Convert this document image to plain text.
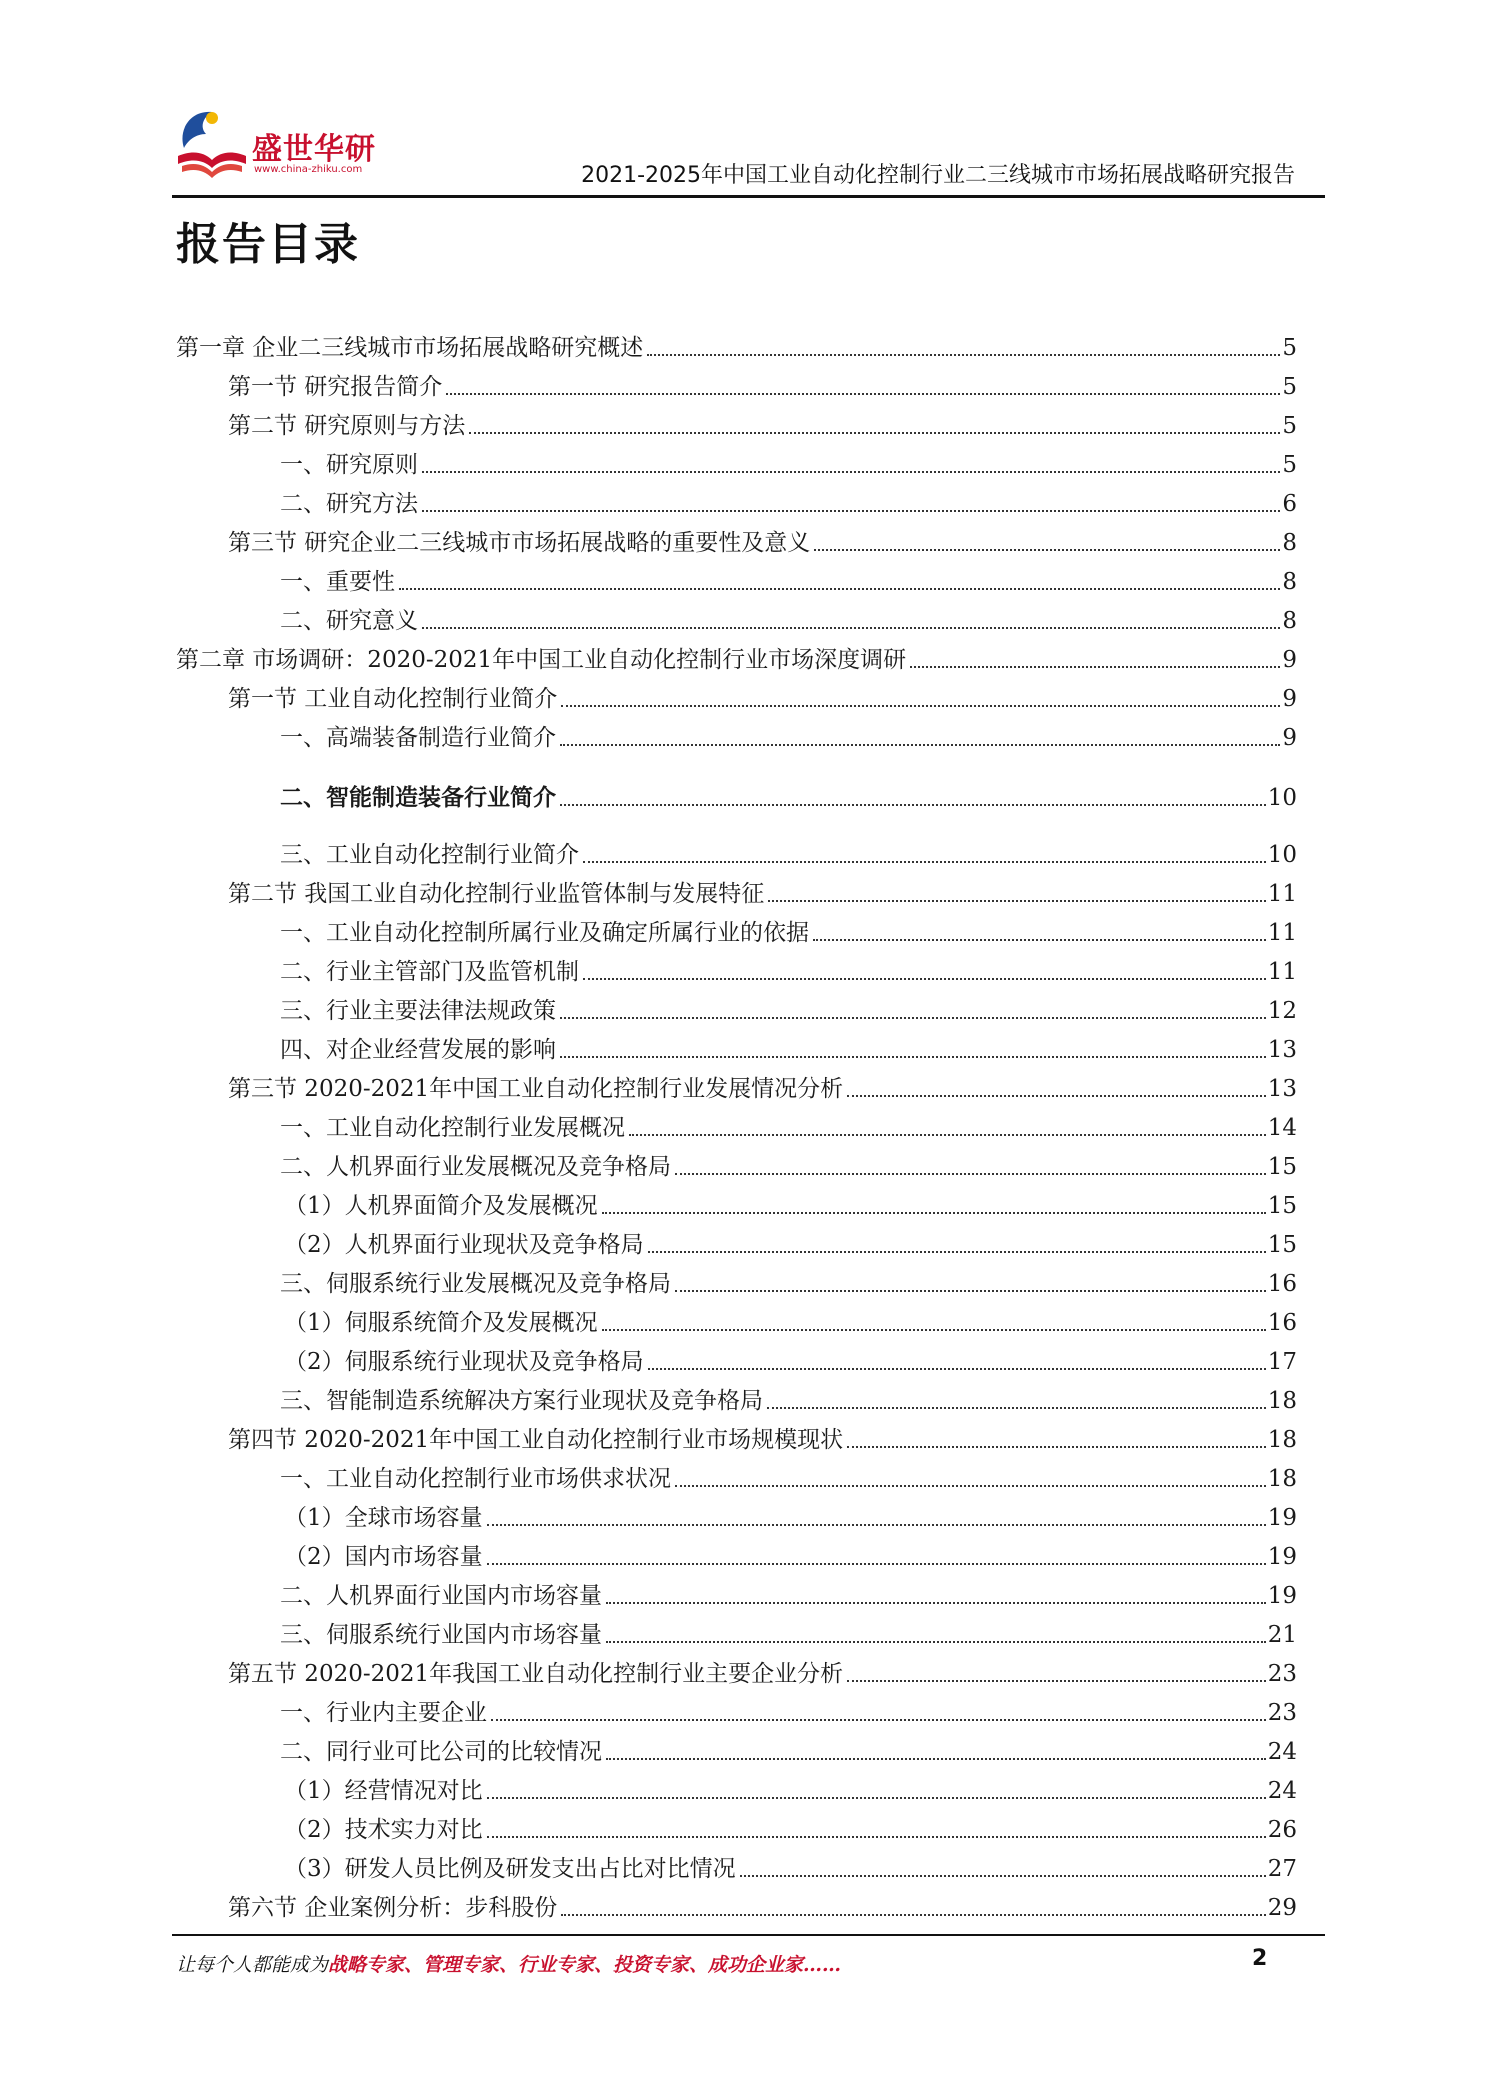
盛世华研
www.china-zhiku.com	2021-2025年中国工业自动化控制行业二三线城市市场拓展战略研究报告
报告目录
第一章 企业二三线城市市场拓展战略研究概述	5
第一节 研究报告简介	5
第二节 研究原则与方法	5
一、研究原则	5
二、研究方法	6
第三节 研究企业二三线城市市场拓展战略的重要性及意义	8
一、重要性	8
二、研究意义	8
第二章 市场调研：2020-2021年中国工业自动化控制行业市场深度调研	9
第一节 工业自动化控制行业简介	9
一、高端装备制造行业简介	9
二、智能制造装备行业简介	10
三、工业自动化控制行业简介	10
第二节 我国工业自动化控制行业监管体制与发展特征	11
一、工业自动化控制所属行业及确定所属行业的依据	11
二、行业主管部门及监管机制	11
三、行业主要法律法规政策	12
四、对企业经营发展的影响	13
第三节 2020-2021年中国工业自动化控制行业发展情况分析	13
一、工业自动化控制行业发展概况	14
二、人机界面行业发展概况及竞争格局	15
（1）人机界面简介及发展概况	15
（2）人机界面行业现状及竞争格局	15
三、伺服系统行业发展概况及竞争格局	16
（1）伺服系统简介及发展概况	16
（2）伺服系统行业现状及竞争格局	17
三、智能制造系统解决方案行业现状及竞争格局	18
第四节 2020-2021年中国工业自动化控制行业市场规模现状	18
一、工业自动化控制行业市场供求状况	18
（1）全球市场容量	19
（2）国内市场容量	19
二、人机界面行业国内市场容量	19
三、伺服系统行业国内市场容量	21
第五节 2020-2021年我国工业自动化控制行业主要企业分析	23
一、行业内主要企业	23
二、同行业可比公司的比较情况	24
（1）经营情况对比	24
（2）技术实力对比	26
（3）研发人员比例及研发支出占比对比情况	27
第六节 企业案例分析：步科股份	29
让每个人都能成为战略专家、管理专家、行业专家、投资专家、成功企业家……	2
